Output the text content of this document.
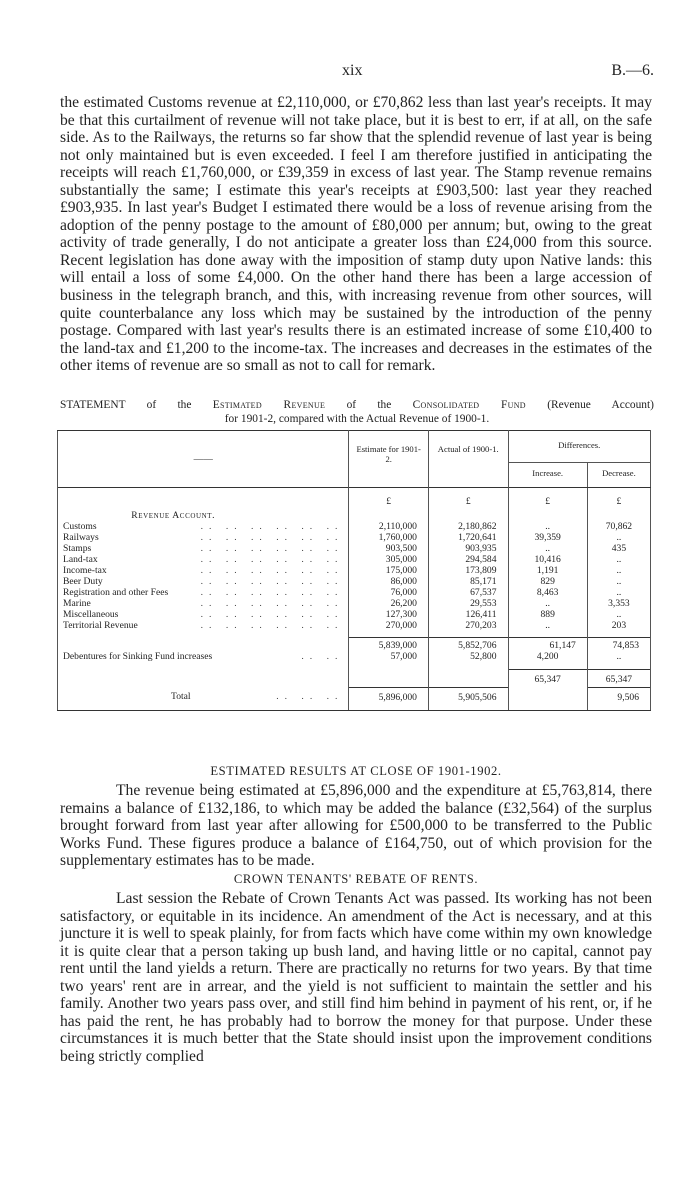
xix	B.—6.

the estimated Customs revenue at £2,110,000, or £70,862 less than last year's receipts. It may be that this curtailment of revenue will not take place, but it is best to err, if at all, on the safe side. As to the Railways, the returns so far show that the splendid revenue of last year is being not only maintained but is even exceeded. I feel I am therefore justified in anticipating the receipts will reach £1,760,000, or £39,359 in excess of last year. The Stamp revenue remains substantially the same; I estimate this year's receipts at £903,500: last year they reached £903,935. In last year's Budget I estimated there would be a loss of revenue arising from the adoption of the penny postage to the amount of £80,000 per annum; but, owing to the great activity of trade generally, I do not anticipate a greater loss than £24,000 from this source. Recent legislation has done away with the imposition of stamp duty upon Native lands: this will entail a loss of some £4,000. On the other hand there has been a large accession of business in the telegraph branch, and this, with increasing revenue from other sources, will quite counterbalance any loss which may be sustained by the introduction of the penny postage. Compared with last year's results there is an estimated increase of some £10,400 to the land-tax and £1,200 to the income-tax. The increases and decreases in the estimates of the other items of revenue are so small as not to call for remark.

STATEMENT of the Estimated Revenue of the Consolidated Fund (Revenue Account)
for 1901-2, compared with the Actual Revenue of 1900-1.
——	Estimate for 1901-2.	Actual of 1900-1.	Differences.	
			Increase.	Decrease.

Revenue Account.	£	£	£	£

Customs .. .. .. .. .. ..	2,110,000	2,180,862	..	70,862

Railways .. .. .. .. .. ..	1,760,000	1,720,641	39,359	..

Stamps .. .. .. .. .. ..	903,500	903,935	..	435

Land-tax .. .. .. .. .. ..	305,000	294,584	10,416	..

Income-tax .. .. .. .. .. ..	175,000	173,809	1,191	..

Beer Duty .. .. .. .. .. ..	86,000	85,171	829	..

Registration and other Fees .. .. .. .. .. ..	76,000	67,537	8,463	..

Marine .. .. .. .. .. ..	26,200	29,553	..	3,353

Miscellaneous .. .. .. .. .. ..	127,300	126,411	889	..

Territorial Revenue .. .. .. .. .. ..	270,000	270,203	..	203

	5,839,000	5,852,706	61,147	74,853

Debentures for Sinking Fund increases .. ..	57,000	52,800	4,200	..

			65,347	65,347

Total .. .. ..	5,896,000	5,905,506		9,506

ESTIMATED RESULTS AT CLOSE OF 1901-1902.

The revenue being estimated at £5,896,000 and the expenditure at £5,763,814, there remains a balance of £132,186, to which may be added the balance (£32,564) of the surplus brought forward from last year after allowing for £500,000 to be transferred to the Public Works Fund. These figures produce a balance of £164,750, out of which provision for the supplementary estimates has to be made.

CROWN TENANTS' REBATE OF RENTS.

Last session the Rebate of Crown Tenants Act was passed. Its working has not been satisfactory, or equitable in its incidence. An amendment of the Act is necessary, and at this juncture it is well to speak plainly, for from facts which have come within my own knowledge it is quite clear that a person taking up bush land, and having little or no capital, cannot pay rent until the land yields a return. There are practically no returns for two years. By that time two years' rent are in arrear, and the yield is not sufficient to maintain the settler and his family. Another two years pass over, and still find him behind in payment of his rent, or, if he has paid the rent, he has probably had to borrow the money for that purpose. Under these circumstances it is much better that the State should insist upon the improvement conditions being strictly complied
